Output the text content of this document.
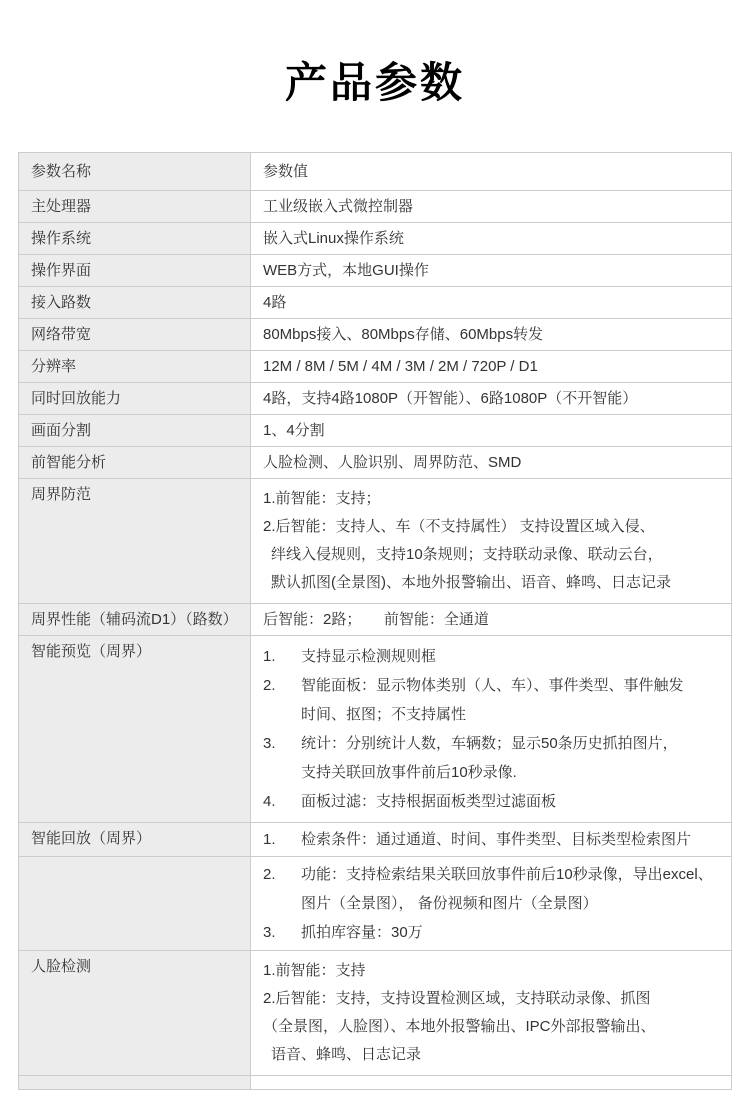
产品参数
参数名称	参数值
主处理器	工业级嵌入式微控制器
操作系统	嵌入式Linux操作系统
操作界面	WEB方式，本地GUI操作
接入路数	4路
网络带宽	80Mbps接入、80Mbps存储、60Mbps转发
分辨率	12M / 8M / 5M / 4M / 3M / 2M / 720P / D1
同时回放能力	4路，支持4路1080P（开智能）、6路1080P（不开智能）
画面分割	1、4分割
前智能分析	人脸检测、人脸识别、周界防范、SMD
周界防范	1.前智能：支持；

2.后智能：支持人、车（不支持属性） 支持设置区域入侵、

绊线入侵规则，支持10条规则；支持联动录像、联动云台，

默认抓图(全景图)、本地外报警输出、语音、蜂鸣、日志记录

周界性能（辅码流D1）（路数）	后智能：2路；　　前智能：全通道
智能预览（周界）	1.	支持显示检测规则框

2.	智能面板：显示物体类别（人、车）、事件类型、事件触发

时间、抠图；不支持属性

3.	统计：分别统计人数，车辆数；显示50条历史抓拍图片，

支持关联回放事件前后10秒录像.

4.	面板过滤：支持根据面板类型过滤面板

智能回放（周界）	1.	检索条件：通过通道、时间、事件类型、目标类型检索图片

2.	功能：支持检索结果关联回放事件前后10秒录像，导出excel、

图片（全景图）， 备份视频和图片（全景图）

3.	抓拍库容量：30万

人脸检测	1.前智能：支持

2.后智能：支持，支持设置检测区域，支持联动录像、抓图

（全景图，人脸图）、本地外报警输出、IPC外部报警输出、

语音、蜂鸣、日志记录
